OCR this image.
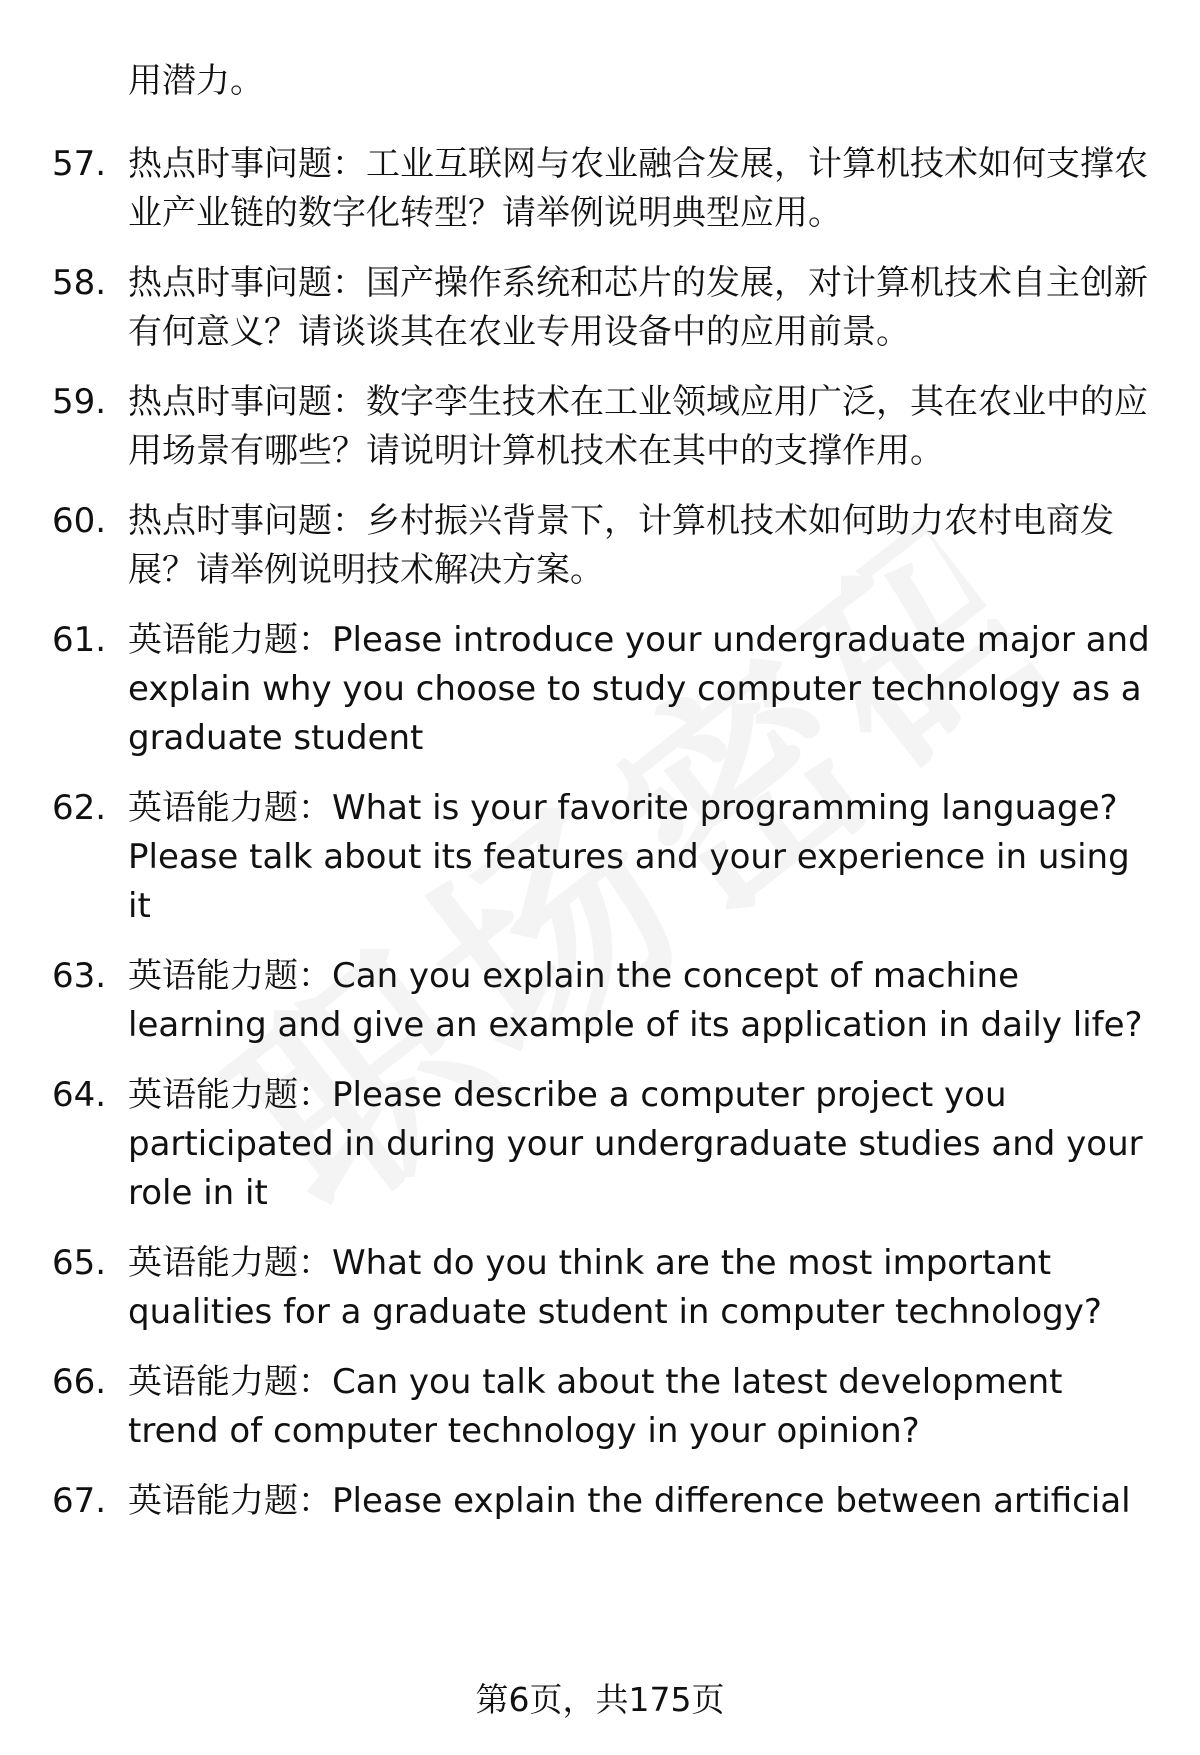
用潜力。
57. 热点时事问题：工业互联网与农业融合发展，计算机技术如何支撑农业产业链的数字化转型？请举例说明典型应用。
58. 热点时事问题：国产操作系统和芯片的发展，对计算机技术自主创新有何意义？请谈谈其在农业专用设备中的应用前景。
59. 热点时事问题：数字孪生技术在工业领域应用广泛，其在农业中的应用场景有哪些？请说明计算机技术在其中的支撑作用。
60. 热点时事问题：乡村振兴背景下，计算机技术如何助力农村电商发展？请举例说明技术解决方案。
61. 英语能力题：Please introduce your undergraduate major and explain why you choose to study computer technology as a graduate student
62. 英语能力题：What is your favorite programming language? Please talk about its features and your experience in using it
63. 英语能力题：Can you explain the concept of machine learning and give an example of its application in daily life?
64. 英语能力题：Please describe a computer project you participated in during your undergraduate studies and your role in it
65. 英语能力题：What do you think are the most important qualities for a graduate student in computer technology?
66. 英语能力题：Can you talk about the latest development trend of computer technology in your opinion?
67. 英语能力题：Please explain the difference between artificial
第6页，共175页
